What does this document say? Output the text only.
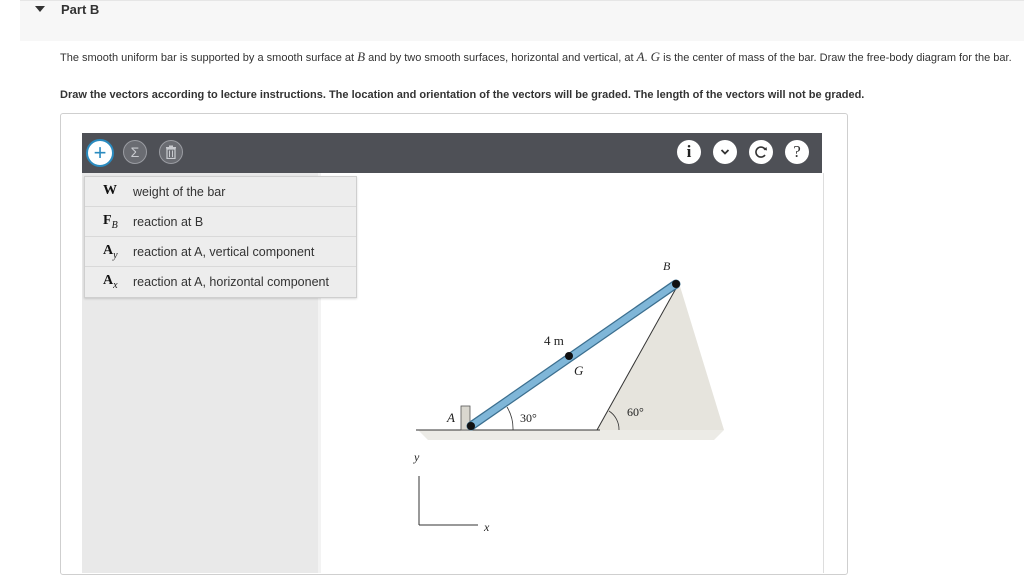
Part B
The smooth uniform bar is supported by a smooth surface at B and by two smooth surfaces, horizontal and vertical, at A. G is the center of mass of the bar. Draw the free-body diagram for the bar.
Draw the vectors according to lecture instructions. The location and orientation of the vectors will be graded. The length of the vectors will not be graded.
+ Σ	i	?
W	weight of the bar
$F_B$	reaction at B
$A_y$	reaction at A, vertical component
$A_x$	reaction at A, horizontal component
B
A
G
4 m
30°	60°
y
x
